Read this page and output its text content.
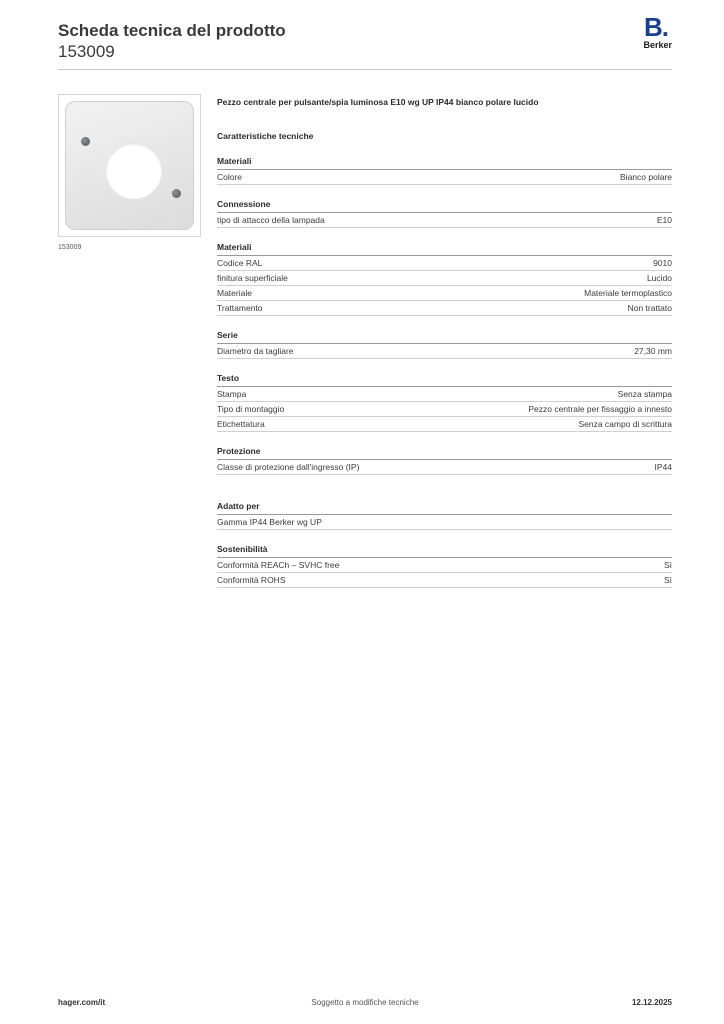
Scheda tecnica del prodotto
153009
B.
Berker
153009
Pezzo centrale per pulsante/spia luminosa E10 wg UP IP44 bianco polare lucido
Caratteristiche tecniche
Materiali
Colore	Bianco polare
Connessione
tipo di attacco della lampada	E10
Materiali
Codice RAL	9010
finitura superficiale	Lucido
Materiale	Materiale termoplastico
Trattamento	Non trattato
Serie
Diametro da tagliare	27,30 mm
Testo
Stampa	Senza stampa
Tipo di montaggio	Pezzo centrale per fissaggio a innesto
Etichettatura	Senza campo di scrittura
Protezione
Classe di protezione dall'ingresso (IP)	IP44
Adatto per
Gamma IP44 Berker wg UP
Sostenibilità
Conformità REACh – SVHC free	Sì
Conformità ROHS	Sì
hager.com/it	Soggetto a modifiche tecniche	12.12.2025
